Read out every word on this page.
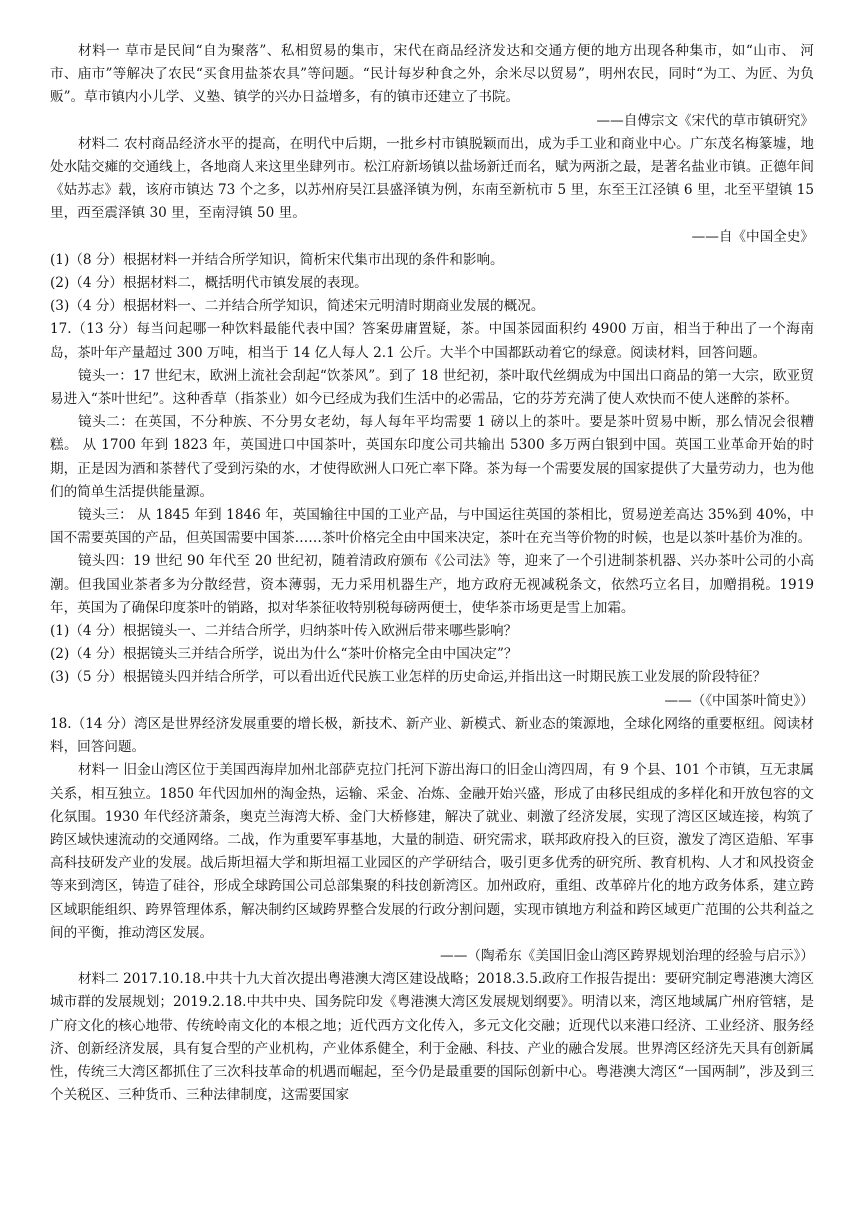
材料一 草市是民间“自为聚落”、私相贸易的集市，宋代在商品经济发达和交通方便的地方出现各种集市，如“山市、 河市、庙市”等解决了农民“买食用盐茶农具”等问题。“民计每岁种食之外，余米尽以贸易”，明州农民，同时“为工、为匠、为负贩”。草市镇内小儿学、义塾、镇学的兴办日益增多，有的镇市还建立了书院。

——自傅宗文《宋代的草市镇研究》

材料二 农村商品经济水平的提高，在明代中后期，一批乡村市镇脱颖而出，成为手工业和商业中心。广东茂名梅篆墟，地处水陆交瘫的交通线上，各地商人来这里坐肆列市。松江府新场镇以盐场新迁而名，赋为两浙之最，是著名盐业市镇。正德年间《姑苏志》载，该府市镇达 73 个之多，以苏州府吴江县盛泽镇为例，东南至新杭市 5 里，东至王江泾镇 6 里，北至平望镇 15 里，西至震泽镇 30 里，至南浔镇 50 里。

——自《中国全史》

(1)（8 分）根据材料一并结合所学知识，简析宋代集市出现的条件和影响。

(2)（4 分）根据材料二，概括明代市镇发展的表现。

(3)（4 分）根据材料一、二并结合所学知识，简述宋元明清时期商业发展的概况。

17.（13 分）每当问起哪一种饮料最能代表中国？答案毋庸置疑，茶。中国茶园面积约 4900 万亩，相当于种出了一个海南岛，茶叶年产量超过 300 万吨，相当于 14 亿人每人 2.1 公斤。大半个中国都跃动着它的绿意。阅读材料，回答问题。

镜头一：17 世纪末，欧洲上流社会刮起“饮茶风”。到了 18 世纪初，茶叶取代丝绸成为中国出口商品的第一大宗，欧亚贸易进入“茶叶世纪”。这种香草（指茶业）如今已经成为我们生活中的必需品，它的芬芳充满了使人欢快而不使人迷醉的茶杯。

镜头二：在英国，不分种族、不分男女老幼，每人每年平均需要 1 磅以上的茶叶。要是茶叶贸易中断，那么情况会很糟糕。 从 1700 年到 1823 年，英国进口中国茶叶，英国东印度公司共输出 5300 多万两白银到中国。英国工业革命开始的时期，正是因为酒和茶替代了受到污染的水，才使得欧洲人口死亡率下降。茶为每一个需要发展的国家提供了大量劳动力，也为他们的简单生活提供能量源。

镜头三： 从 1845 年到 1846 年，英国输往中国的工业产品，与中国运往英国的茶相比，贸易逆差高达 35%到 40%，中国不需要英国的产品，但英国需要中国茶……茶叶价格完全由中国来决定，茶叶在充当等价物的时候，也是以茶叶基价为准的。

镜头四：19 世纪 90 年代至 20 世纪初，随着清政府颁布《公司法》等，迎来了一个引进制茶机器、兴办茶叶公司的小高潮。但我国业茶者多为分散经营，资本薄弱，无力采用机器生产，地方政府无视减税条文，依然巧立名目，加赠捐税。1919 年，英国为了确保印度茶叶的销路，拟对华茶征收特别税每磅两便士，使华茶市场更是雪上加霜。

(1)（4 分）根据镜头一、二并结合所学，归纳茶叶传入欧洲后带来哪些影响？

(2)（4 分）根据镜头三并结合所学，说出为什么“茶叶价格完全由中国决定”？

(3)（5 分）根据镜头四并结合所学，可以看出近代民族工业怎样的历史命运,并指出这一时期民族工业发展的阶段特征？

——（《中国茶叶简史》）

18.（14 分）湾区是世界经济发展重要的增长极，新技术、新产业、新模式、新业态的策源地，全球化网络的重要枢纽。阅读材料，回答问题。

材料一 旧金山湾区位于美国西海岸加州北部萨克拉门托河下游出海口的旧金山湾四周，有 9 个县、101 个市镇，互无隶属关系，相互独立。1850 年代因加州的淘金热，运输、采金、冶炼、金融开始兴盛，形成了由移民组成的多样化和开放包容的文化氛围。1930 年代经济萧条，奥克兰海湾大桥、金门大桥修建，解决了就业、刺激了经济发展，实现了湾区区域连接，构筑了跨区域快速流动的交通网络。二战，作为重要军事基地，大量的制造、研究需求，联邦政府投入的巨资，激发了湾区造船、军事高科技研发产业的发展。战后斯坦福大学和斯坦福工业园区的产学研结合，吸引更多优秀的研究所、教育机构、人才和风投资金等来到湾区，铸造了硅谷，形成全球跨国公司总部集聚的科技创新湾区。加州政府，重组、改革碎片化的地方政务体系，建立跨区域职能组织、跨界管理体系，解决制约区域跨界整合发展的行政分割问题，实现市镇地方利益和跨区域更广范围的公共利益之间的平衡，推动湾区发展。

——（陶希东《美国旧金山湾区跨界规划治理的经验与启示》）

材料二 2017.10.18.中共十九大首次提出粤港澳大湾区建设战略；2018.3.5.政府工作报告提出：要研究制定粤港澳大湾区城市群的发展规划；2019.2.18.中共中央、国务院印发《粤港澳大湾区发展规划纲要》。明清以来，湾区地域属广州府管辖，是广府文化的核心地带、传统岭南文化的本根之地；近代西方文化传入，多元文化交融；近现代以来港口经济、工业经济、服务经济、创新经济发展，具有复合型的产业机构，产业体系健全，利于金融、科技、产业的融合发展。世界湾区经济先天具有创新属性，传统三大湾区都抓住了三次科技革命的机遇而崛起，至今仍是最重要的国际创新中心。粤港澳大湾区“一国两制”，涉及到三个关税区、三种货币、三种法律制度，这需要国家
